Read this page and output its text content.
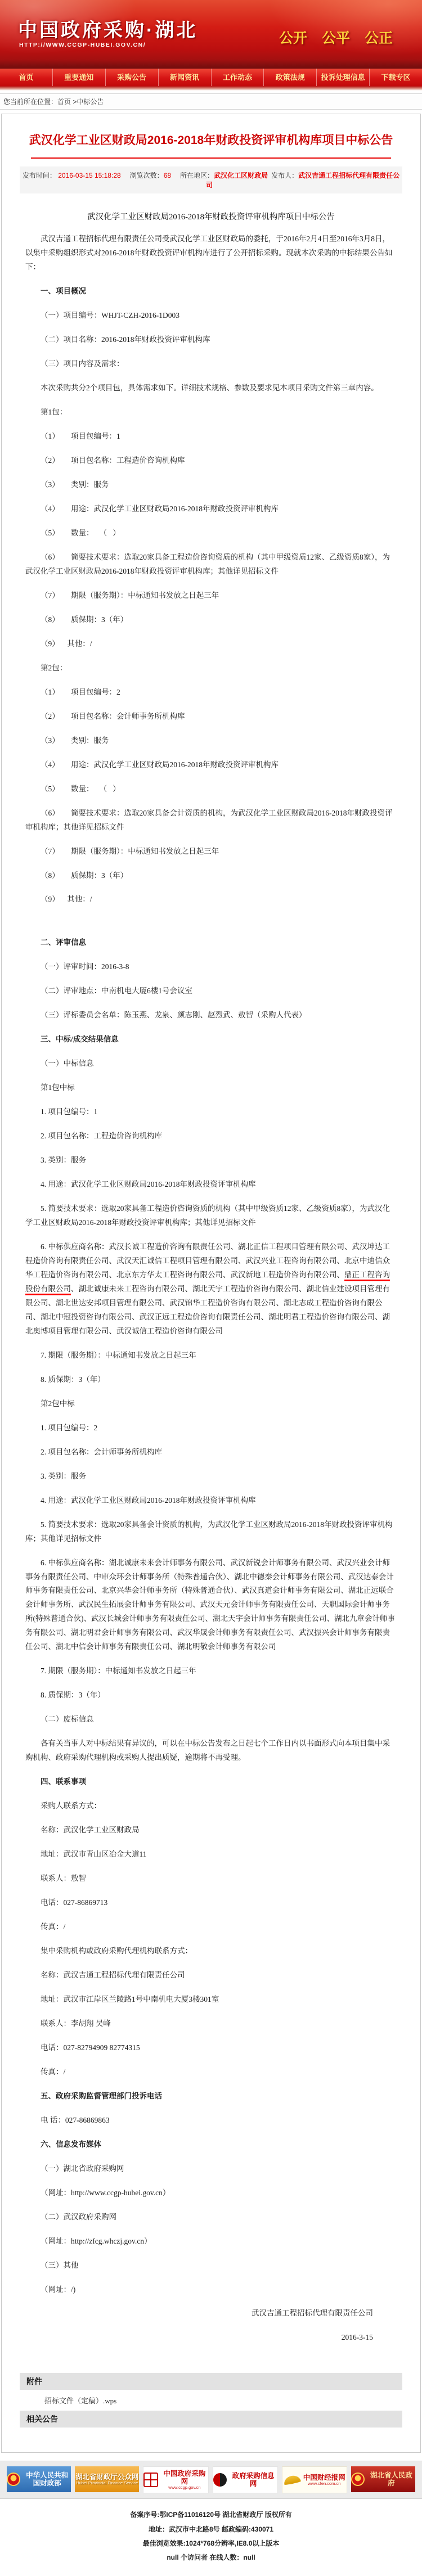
中国政府采购·湖北
HTTP://WWW.CCGP-HUBEI.GOV.CN/	公开 公平 公正
首页	重要通知	采购公告	新闻资讯	工作动态	政策法规	投诉处理信息	下载专区
您当前所在位置：首页 >中标公告
武汉化学工业区财政局2016-2018年财政投资评审机构库项目中标公告
发布时间： 2016-03-15 15:18:28 浏览次数：68 所在地区：武汉化工区财政局 发布人：武汉吉通工程招标代理有限责任公司
武汉化学工业区财政局2016-2018年财政投资评审机构库项目中标公告

武汉吉通工程招标代理有限责任公司受武汉化学工业区财政局的委托，于2016年2月4日至2016年3月8日，以集中采购组织形式对2016-2018年财政投资评审机构库进行了公开招标采购。现就本次采购的中标结果公告如下：

一、项目概况

（一）项目编号：WHJT-CZH-2016-1D003

（二）项目名称：2016-2018年财政投资评审机构库

（三）项目内容及需求：

本次采购共分2个项目包，具体需求如下。详细技术规格、参数及要求见本项目采购文件第三章内容。

第1包：

（1）      项目包编号：1

（2）      项目包名称：工程造价咨询机构库

（3）      类别：服务

（4）      用途：武汉化学工业区财政局2016-2018年财政投资评审机构库

（5）      数量：   （   ）

（6）      简要技术要求：选取20家具备工程造价咨询资质的机构（其中甲级资质12家、乙级资质8家），为武汉化学工业区财政局2016-2018年财政投资评审机构库；其他详见招标文件

（7）      期限（服务期）：中标通知书发放之日起三年

（8）      质保期：3（年）

（9）    其他：/

第2包：

（1）      项目包编号：2

（2）      项目包名称：会计师事务所机构库

（3）      类别：服务

（4）      用途：武汉化学工业区财政局2016-2018年财政投资评审机构库

（5）      数量：   （   ）

（6）      简要技术要求：选取20家具备会计资质的机构，为武汉化学工业区财政局2016-2018年财政投资评审机构库；其他详见招标文件

（7）      期限（服务期）：中标通知书发放之日起三年

（8）      质保期：3（年）

（9）    其他：/

二、评审信息

（一）评审时间：2016-3-8

（二）评审地点：中南机电大厦6楼1号会议室

（三）评标委员会名单：陈玉燕、龙泉、颜志刚、赵烈武、敖智（采购人代表）

三、中标/成交结果信息

（一）中标信息

第1包中标

1. 项目包编号：1

2. 项目包名称：工程造价咨询机构库

3. 类别：服务

4. 用途：武汉化学工业区财政局2016-2018年财政投资评审机构库

5. 简要技术要求：选取20家具备工程造价咨询资质的机构（其中甲级资质12家、乙级资质8家），为武汉化学工业区财政局2016-2018年财政投资评审机构库；其他详见招标文件

6. 中标供应商名称：武汉长诚工程造价咨询有限责任公司、湖北正信工程项目管理有限公司、武汉坤达工程造价咨询有限责任公司、武汉天汇诚信工程项目管理有限公司、武汉兴业工程咨询有限公司、北京中迪信众华工程造价咨询有限公司、北京东方华太工程咨询有限公司、武汉新地工程造价咨询有限公司、鼎正工程咨询股份有限公司、湖北诚康未来工程咨询有限公司、湖北天宇工程造价咨询有限公司、湖北信业建设项目管理有限公司、湖北世达安邦项目管理有限公司、武汉锦华工程造价咨询有限公司、湖北志成工程造价咨询有限公司、湖北中冠投资咨询有限公司、武汉正远工程造价咨询有限责任公司、湖北明君工程造价咨询有限公司、湖北奥博项目管理有限公司、武汉诚信工程造价咨询有限公司

7. 期限（服务期）：中标通知书发放之日起三年

8. 质保期：3（年）

第2包中标

1. 项目包编号：2

2. 项目包名称：会计师事务所机构库

3. 类别：服务

4. 用途：武汉化学工业区财政局2016-2018年财政投资评审机构库

5. 简要技术要求：选取20家具备会计资质的机构，为武汉化学工业区财政局2016-2018年财政投资评审机构库；其他详见招标文件

6. 中标供应商名称：湖北诚康未来会计师事务有限公司、武汉新锐会计师事务有限公司、武汉兴业会计师事务有限责任公司、中审众环会计师事务所（特殊普通合伙）、湖北中德秦会计师事务有限公司、武汉达泰会计师事务有限责任公司、北京兴华会计师事务所（特殊普通合伙）、武汉真道会计师事务有限公司、湖北正远联合会计师事务所、武汉民生拓展会计师事务有限公司、武汉天元会计师事务有限责任公司、天职国际会计师事务所(特殊普通合伙)、武汉长城会计师事务有限责任公司、湖北天宇会计师事务有限责任公司、湖北九章会计师事务有限公司、湖北明君会计师事务有限公司、武汉华晟会计师事务有限责任公司、武汉振兴会计师事务有限责任公司、湖北中信会计师事务有限责任公司、湖北明敬会计师事务有限公司

7. 期限（服务期）：中标通知书发放之日起三年

8. 质保期：3（年）

（二）废标信息

各有关当事人对中标结果有异议的，可以在中标公告发布之日起七个工作日内以书面形式向本项目集中采购机构、政府采购代理机构或采购人提出质疑，逾期将不再受理。

四、联系事项

采购人联系方式：

名称：武汉化学工业区财政局

地址：武汉市青山区冶金大道11

联系人：敖智

电话：027-86869713

传真：/

集中采购机构或政府采购代理机构联系方式：

名称：武汉吉通工程招标代理有限责任公司

地址：武汉市江岸区兰陵路1号中南机电大厦3楼301室

联系人：李胡翔 吴峰

电话：027-82794909 82774315

传真：/

五、政府采购监督管理部门投诉电话

电 话：027-86869863

六、信息发布媒体

（一）湖北省政府采购网

（网址：http://www.ccgp-hubei.gov.cn）

（二）武汉政府采购网

（网址：http://zfcg.whczj.gov.cn）

（三）其他

（网址：/)

武汉吉通工程招标代理有限责任公司

2016-3-15

附件
招标文件（定稿）.wps
相关公告
中华人民共和国财政部
湖北省财政厅公众网
Hubei Provincial Finance Service
中国政府采购网
www.ccgp.gov.cn
政府采购信息网
中国财经报网
www.cfen.com.cn
湖北省人民政府
备案序号:鄂ICP备11016120号 湖北省财政厅 版权所有
地址：武汉市中北路8号 邮政编码:430071
最佳浏览效果:1024*768分辨率,IE8.0以上版本
null 个访问者 在线人数：null
